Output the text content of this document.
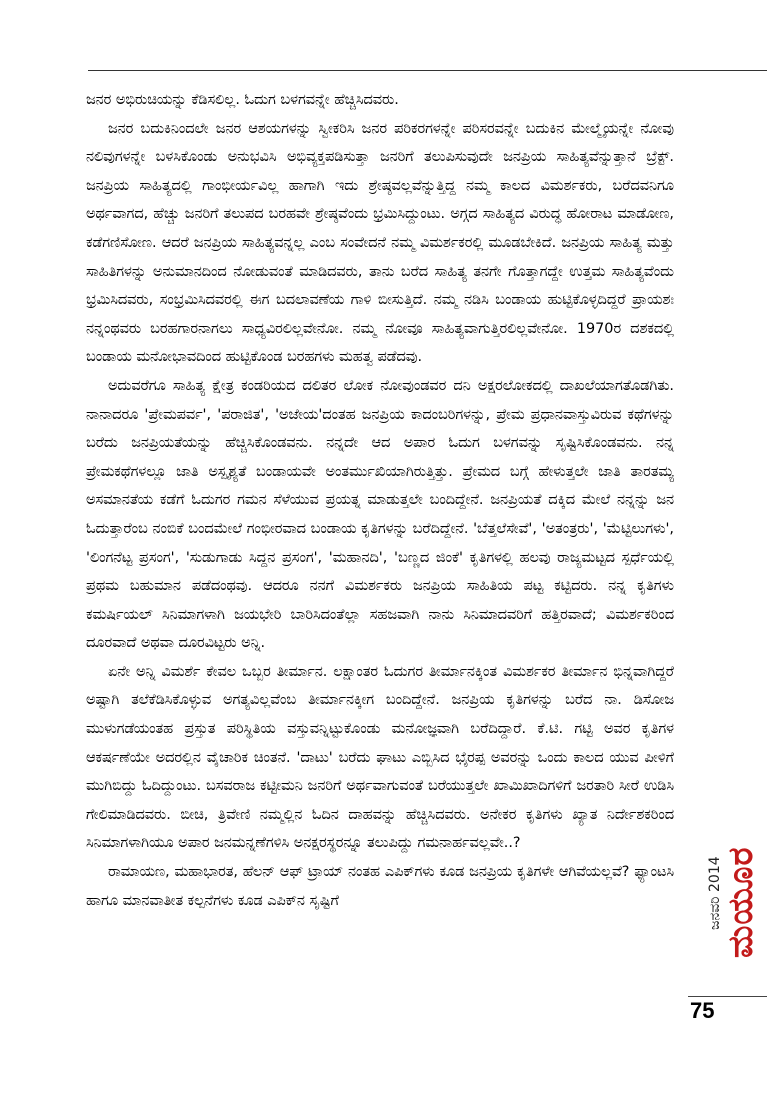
ಜನರ ಅಭಿರುಚಿಯನ್ನು ಕೆಡಿಸಲಿಲ್ಲ. ಓದುಗ ಬಳಗವನ್ನೇ ಹೆಚ್ಚಿಸಿದವರು.

ಜನರ ಬದುಕಿನಿಂದಲೇ ಜನರ ಆಶಯಗಳನ್ನು ಸ್ವೀಕರಿಸಿ ಜನರ ಪರಿಕರಗಳನ್ನೇ ಪರಿಸರವನ್ನೇ ಬದುಕಿನ ಮೇಲ್ಮೈಯನ್ನೇ ನೋವು ನಲಿವುಗಳನ್ನೇ ಬಳಸಿಕೊಂಡು ಅನುಭವಿಸಿ ಅಭಿವ್ಯಕ್ತಪಡಿಸುತ್ತಾ ಜನರಿಗೆ ತಲುಪಿಸುವುದೇ ಜನಪ್ರಿಯ ಸಾಹಿತ್ಯವೆನ್ನುತ್ತಾನೆ ಬ್ರೆಕ್ಟ್. ಜನಪ್ರಿಯ ಸಾಹಿತ್ಯದಲ್ಲಿ ಗಾಂಭೀರ್ಯವಿಲ್ಲ ಹಾಗಾಗಿ ಇದು ಶ್ರೇಷ್ಠವಲ್ಲವೆನ್ನುತ್ತಿದ್ದ ನಮ್ಮ ಕಾಲದ ವಿಮರ್ಶಕರು, ಬರೆದವನಿಗೂ ಅರ್ಥವಾಗದ, ಹೆಚ್ಚು ಜನರಿಗೆ ತಲುಪದ ಬರಹವೇ ಶ್ರೇಷ್ಠವೆಂದು ಭ್ರಮಿಸಿದ್ದುಂಟು. ಅಗ್ಗದ ಸಾಹಿತ್ಯದ ವಿರುದ್ಧ ಹೋರಾಟ ಮಾಡೋಣ, ಕಡೆಗಣಿಸೋಣ. ಆದರೆ ಜನಪ್ರಿಯ ಸಾಹಿತ್ಯವನ್ನಲ್ಲ ಎಂಬ ಸಂವೇದನೆ ನಮ್ಮ ವಿಮರ್ಶಕರಲ್ಲಿ ಮೂಡಬೇಕಿದೆ. ಜನಪ್ರಿಯ ಸಾಹಿತ್ಯ ಮತ್ತು ಸಾಹಿತಿಗಳನ್ನು ಅನುಮಾನದಿಂದ ನೋಡುವಂತೆ ಮಾಡಿದವರು, ತಾನು ಬರೆದ ಸಾಹಿತ್ಯ ತನಗೇ ಗೊತ್ತಾಗದ್ದೇ ಉತ್ತಮ ಸಾಹಿತ್ಯವೆಂದು ಭ್ರಮಿಸಿದವರು, ಸಂಭ್ರಮಿಸಿದವರಲ್ಲಿ ಈಗ ಬದಲಾವಣೆಯ ಗಾಳಿ ಬೀಸುತ್ತಿದೆ. ನಮ್ಮ ನಡಿಸಿ ಬಂಡಾಯ ಹುಟ್ಟಿಕೊಳ್ಳದಿದ್ದರೆ ಪ್ರಾಯಶಃ ನನ್ನಂಥವರು ಬರಹಗಾರನಾಗಲು ಸಾಧ್ಯವಿರಲಿಲ್ಲವೇನೋ. ನಮ್ಮ ನೋವೂ ಸಾಹಿತ್ಯವಾಗುತ್ತಿರಲಿಲ್ಲವೇನೋ. 1970ರ ದಶಕದಲ್ಲಿ ಬಂಡಾಯ ಮನೋಭಾವದಿಂದ ಹುಟ್ಟಿಕೊಂಡ ಬರಹಗಳು ಮಹತ್ವ ಪಡೆದವು.

ಅದುವರೆಗೂ ಸಾಹಿತ್ಯ ಕ್ಷೇತ್ರ ಕಂಡರಿಯದ ದಲಿತರ ಲೋಕ ನೋವುಂಡವರ ದನಿ ಅಕ್ಷರಲೋಕದಲ್ಲಿ ದಾಖಲೆಯಾಗತೊಡಗಿತು. ನಾನಾದರೂ 'ಪ್ರೇಮಪರ್ವ', 'ಪರಾಜಿತ', 'ಅಜೇಯ'ದಂತಹ ಜನಪ್ರಿಯ ಕಾದಂಬರಿಗಳನ್ನು, ಪ್ರೇಮ ಪ್ರಧಾನವಾಸ್ತುವಿರುವ ಕಥೆಗಳನ್ನು ಬರೆದು ಜನಪ್ರಿಯತೆಯನ್ನು ಹೆಚ್ಚಿಸಿಕೊಂಡವನು. ನನ್ನದೇ ಆದ ಅಪಾರ ಓದುಗ ಬಳಗವನ್ನು ಸೃಷ್ಟಿಸಿಕೊಂಡವನು. ನನ್ನ ಪ್ರೇಮಕಥೆಗಳಲ್ಲೂ ಜಾತಿ ಅಸ್ಪೃಶ್ಯತೆ ಬಂಡಾಯವೇ ಅಂತರ್ಮುಖಿಯಾಗಿರುತ್ತಿತ್ತು. ಪ್ರೇಮದ ಬಗ್ಗೆ ಹೇಳುತ್ತಲೇ ಜಾತಿ ತಾರತಮ್ಯ ಅಸಮಾನತೆಯ ಕಡೆಗೆ ಓದುಗರ ಗಮನ ಸೆಳೆಯುವ ಪ್ರಯತ್ನ ಮಾಡುತ್ತಲೇ ಬಂದಿದ್ದೇನೆ. ಜನಪ್ರಿಯತೆ ದಕ್ಕಿದ ಮೇಲೆ ನನ್ನನ್ನು ಜನ ಓದುತ್ತಾರೆಂಬ ನಂಬಿಕೆ ಬಂದಮೇಲೆ ಗಂಭೀರವಾದ ಬಂಡಾಯ ಕೃತಿಗಳನ್ನು ಬರೆದಿದ್ದೇನೆ. 'ಬೆತ್ತಲೆಸೇವೆ', 'ಅತಂತ್ರರು', 'ಮೆಟ್ಟಿಲುಗಳು', 'ಲಿಂಗನೆಟ್ಟ ಪ್ರಸಂಗ', 'ಸುಡುಗಾಡು ಸಿದ್ದನ ಪ್ರಸಂಗ', 'ಮಹಾನದಿ', 'ಬಣ್ಣದ ಜಿಂಕೆ' ಕೃತಿಗಳಲ್ಲಿ ಹಲವು ರಾಜ್ಯಮಟ್ಟದ ಸ್ಪರ್ಧೆಯಲ್ಲಿ ಪ್ರಥಮ ಬಹುಮಾನ ಪಡೆದಂಥವು. ಆದರೂ ನನಗೆ ವಿಮರ್ಶಕರು ಜನಪ್ರಿಯ ಸಾಹಿತಿಯ ಪಟ್ಟ ಕಟ್ಟಿದರು. ನನ್ನ ಕೃತಿಗಳು ಕಮರ್ಷಿಯಲ್ ಸಿನಿಮಾಗಳಾಗಿ ಜಯಭೇರಿ ಬಾರಿಸಿದಂತೆಲ್ಲಾ ಸಹಜವಾಗಿ ನಾನು ಸಿನಿಮಾದವರಿಗೆ ಹತ್ತಿರವಾದೆ; ವಿಮರ್ಶಕರಿಂದ ದೂರವಾದೆ ಅಥವಾ ದೂರವಿಟ್ಟರು ಅನ್ನಿ.

ಏನೇ ಅನ್ನಿ ವಿಮರ್ಶೆ ಕೇವಲ ಒಬ್ಬರ ತೀರ್ಮಾನ. ಲಕ್ಷಾಂತರ ಓದುಗರ ತೀರ್ಮಾನಕ್ಕಿಂತ ವಿಮರ್ಶಕರ ತೀರ್ಮಾನ ಭಿನ್ನವಾಗಿದ್ದರೆ ಅಷ್ಟಾಗಿ ತಲೆಕೆಡಿಸಿಕೊಳ್ಳುವ ಅಗತ್ಯವಿಲ್ಲವೆಂಬ ತೀರ್ಮಾನಕ್ಕೀಗ ಬಂದಿದ್ದೇನೆ. ಜನಪ್ರಿಯ ಕೃತಿಗಳನ್ನು ಬರೆದ ನಾ. ಡಿಸೋಜ ಮುಳುಗಡೆಯಂತಹ ಪ್ರಸ್ತುತ ಪರಿಸ್ಥಿತಿಯ ವಸ್ತುವನ್ನಿಟ್ಟುಕೊಂಡು ಮನೋಜ್ಞವಾಗಿ ಬರೆದಿದ್ದಾರೆ. ಕೆ.ಟಿ. ಗಟ್ಟಿ ಅವರ ಕೃತಿಗಳ ಆಕರ್ಷಣೆಯೇ ಅದರಲ್ಲಿನ ವೈಚಾರಿಕ ಚಿಂತನೆ. 'ದಾಟು' ಬರೆದು ಘಾಟು ಎಬ್ಬಿಸಿದ ಭೈರಪ್ಪ ಅವರನ್ನು ಒಂದು ಕಾಲದ ಯುವ ಪೀಳಿಗೆ ಮುಗಿಬಿದ್ದು ಓದಿದ್ದುಂಟು. ಬಸವರಾಜ ಕಟ್ಟೀಮನಿ ಜನರಿಗೆ ಅರ್ಥವಾಗುವಂತೆ ಬರೆಯುತ್ತಲೇ ಖಾಮಿಖಾದಿಗಳಿಗೆ ಜರತಾರಿ ಸೀರೆ ಉಡಿಸಿ ಗೇಲಿಮಾಡಿದವರು. ಬೀಚಿ, ತ್ರಿವೇಣಿ ನಮ್ಮಲ್ಲಿನ ಓದಿನ ದಾಹವನ್ನು ಹೆಚ್ಚಿಸಿದವರು. ಅನೇಕರ ಕೃತಿಗಳು ಖ್ಯಾತ ನಿರ್ದೇಶಕರಿಂದ ಸಿನಿಮಾಗಳಾಗಿಯೂ ಅಪಾರ ಜನಮನ್ನಣೆಗಳಿಸಿ ಅನಕ್ಷರಸ್ಥರನ್ನೂ ತಲುಪಿದ್ದು ಗಮನಾರ್ಹವಲ್ಲವೇ..?

ರಾಮಾಯಣ, ಮಹಾಭಾರತ, ಹೆಲನ್ ಆಫ್ ಟ್ರಾಯ್ ನಂತಹ ಎಪಿಕ್‌ಗಳು ಕೂಡ ಜನಪ್ರಿಯ ಕೃತಿಗಳೇ ಆಗಿವೆಯಲ್ಲವೆ? ಫ್ಯಾಂಟಸಿ ಹಾಗೂ ಮಾನವಾತೀತ ಕಲ್ಪನೆಗಳು ಕೂಡ ಎಪಿಕ್‌ನ ಸೃಷ್ಟಿಗೆ	ಜನವರಿ 2014
ಮಯೂರ
75
